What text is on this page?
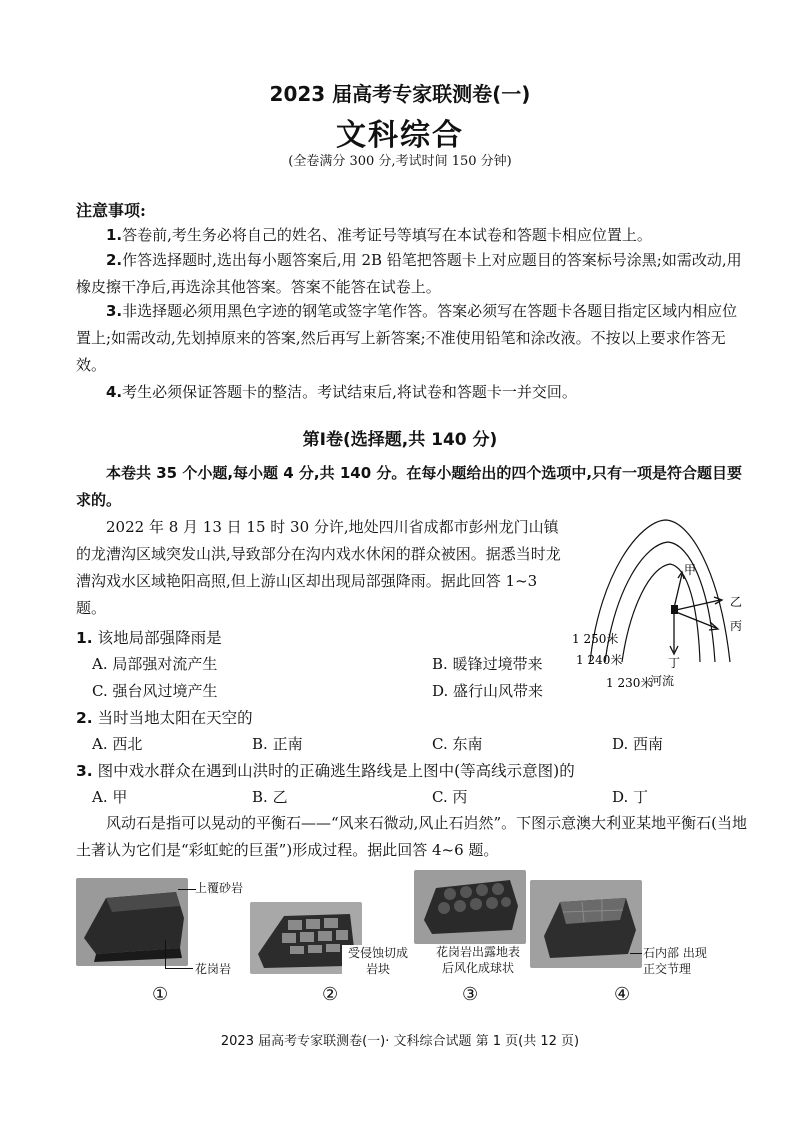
2023 届高考专家联测卷(一)
文科综合
(全卷满分 300 分,考试时间 150 分钟)
注意事项:
1.答卷前,考生务必将自己的姓名、准考证号等填写在本试卷和答题卡相应位置上。
2.作答选择题时,选出每小题答案后,用 2B 铅笔把答题卡上对应题目的答案标号涂黑;如需改动,用橡皮擦干净后,再选涂其他答案。答案不能答在试卷上。
3.非选择题必须用黑色字迹的钢笔或签字笔作答。答案必须写在答题卡各题目指定区域内相应位置上;如需改动,先划掉原来的答案,然后再写上新答案;不准使用铅笔和涂改液。不按以上要求作答无效。
4.考生必须保证答题卡的整洁。考试结束后,将试卷和答题卡一并交回。
第Ⅰ卷(选择题,共 140 分)
本卷共 35 个小题,每小题 4 分,共 140 分。在每小题给出的四个选项中,只有一项是符合题目要求的。
2022 年 8 月 13 日 15 时 30 分许,地处四川省成都市彭州龙门山镇的龙漕沟区域突发山洪,导致部分在沟内戏水休闲的群众被困。据悉当时龙漕沟戏水区域艳阳高照,但上游山区却出现局部强降雨。据此回答 1~3 题。
甲
乙
丙
丁
1 250米
1 240米
1 230米
河流
1. 该地局部强降雨是
A. 局部强对流产生	B. 暖锋过境带来
C. 强台风过境产生	D. 盛行山风带来
2. 当时当地太阳在天空的
A. 西北	B. 正南	C. 东南	D. 西南
3. 图中戏水群众在遇到山洪时的正确逃生路线是上图中(等高线示意图)的
A. 甲	B. 乙	C. 丙	D. 丁
风动石是指可以晃动的平衡石——“风来石微动,风止石岿然”。下图示意澳大利亚某地平衡石(当地土著认为它们是“彩虹蛇的巨蛋”)形成过程。据此回答 4~6 题。
上覆砂岩
花岗岩
①
受侵蚀切成
岩块
②
花岗岩出露地表
后风化成球状
③
石内部 出现
正交节理
④
2023 届高考专家联测卷(一)· 文科综合试题 第 1 页(共 12 页)
